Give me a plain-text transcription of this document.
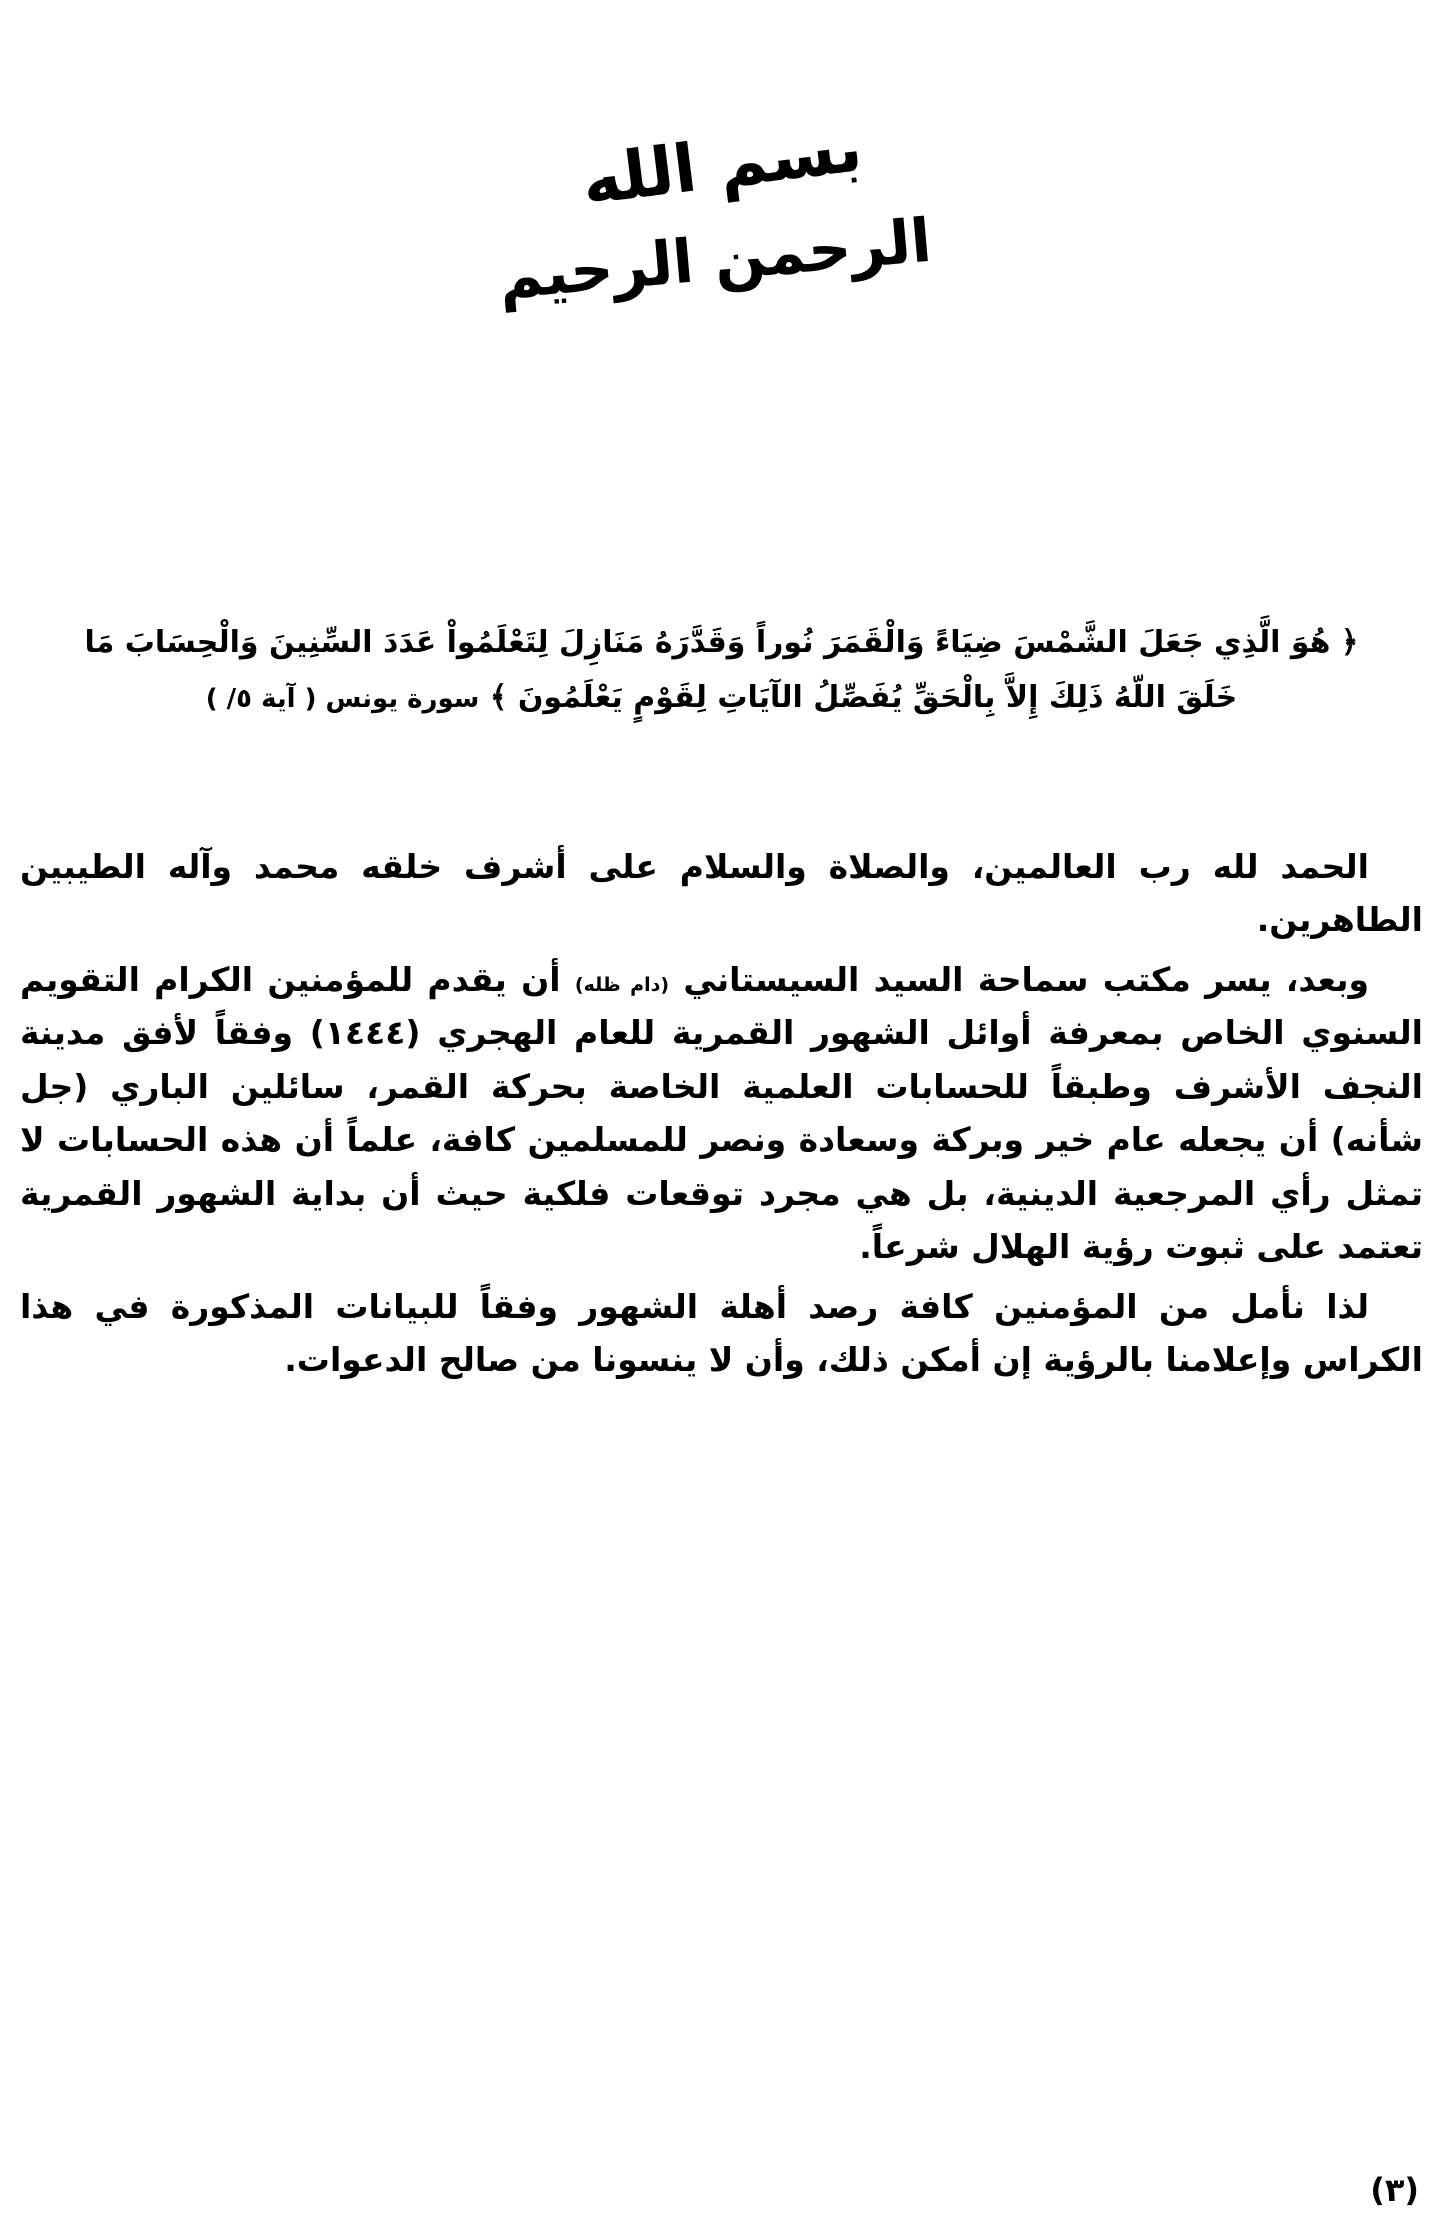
بسم الله
الرحمن الرحيم
﴿ هُوَ الَّذِي جَعَلَ الشَّمْسَ ضِيَاءً وَالْقَمَرَ نُوراً وَقَدَّرَهُ مَنَازِلَ لِتَعْلَمُواْ عَدَدَ السِّنِينَ وَالْحِسَابَ مَا
خَلَقَ اللّهُ ذَلِكَ إِلاَّ بِالْحَقِّ يُفَصِّلُ الآيَاتِ لِقَوْمٍ يَعْلَمُونَ ﴾ سورة يونس ( آية ٥/ )

الحمد لله رب العالمين، والصلاة والسلام على أشرف خلقه محمد وآله الطيبين الطاهرين.

وبعد، يسر مكتب سماحة السيد السيستاني (دام ظله) أن يقدم للمؤمنين الكرام التقويم السنوي الخاص بمعرفة أوائل الشهور القمرية للعام الهجري (١٤٤٤) وفقاً لأفق مدينة النجف الأشرف وطبقاً للحسابات العلمية الخاصة بحركة القمر، سائلين الباري (جل شأنه) أن يجعله عام خير وبركة وسعادة ونصر للمسلمين كافة، علماً أن هذه الحسابات لا تمثل رأي المرجعية الدينية، بل هي مجرد توقعات فلكية حيث أن بداية الشهور القمرية تعتمد على ثبوت رؤية الهلال شرعاً.

لذا نأمل من المؤمنين كافة رصد أهلة الشهور وفقاً للبيانات المذكورة في هذا الكراس وإعلامنا بالرؤية إن أمكن ذلك، وأن لا ينسونا من صالح الدعوات.

(٣)
